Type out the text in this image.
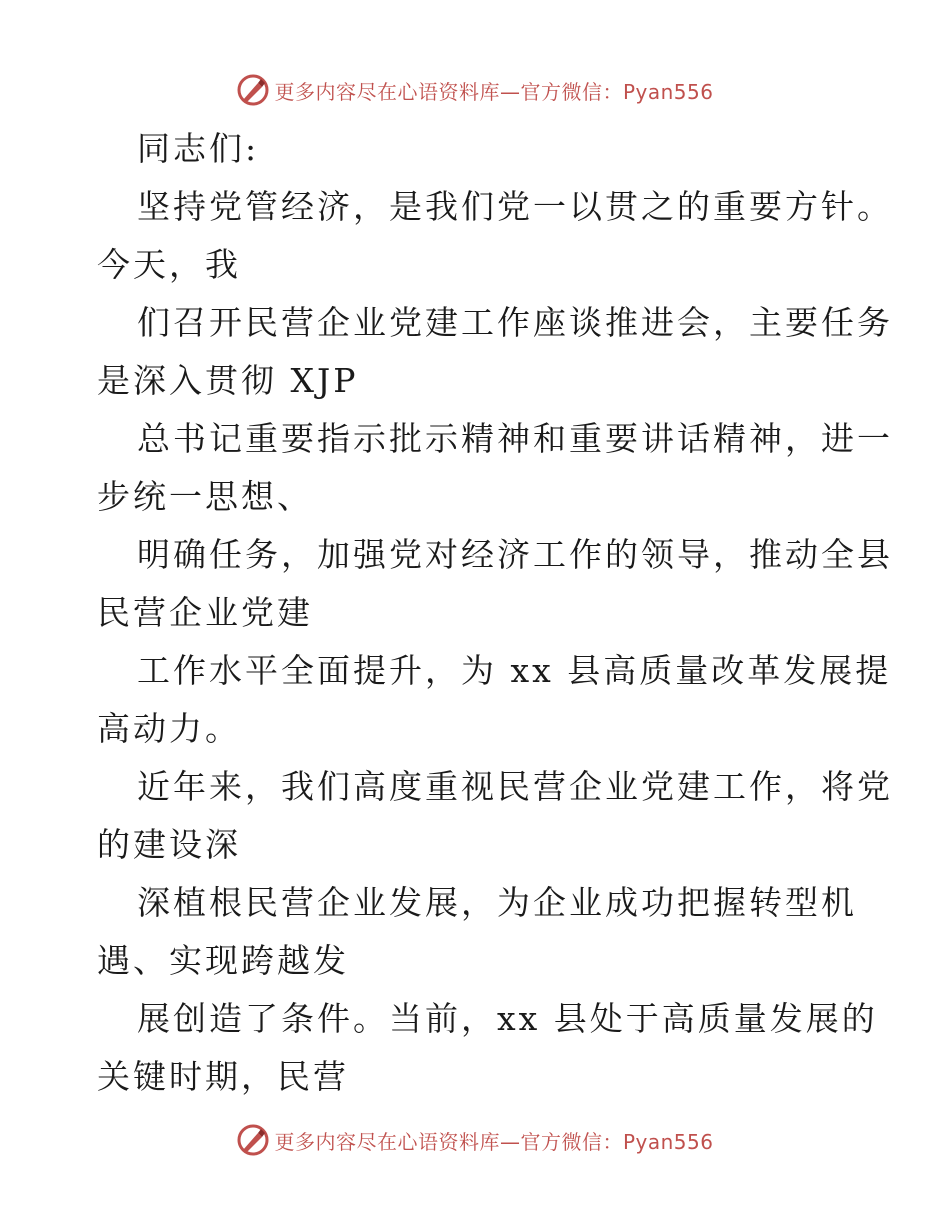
更多内容尽在心语资料库—官方微信：Pyan556
同志们:
坚持党管经济，是我们党一以贯之的重要方针。
今天，我
们召开民营企业党建工作座谈推进会，主要任务
是深入贯彻 XJP
总书记重要指示批示精神和重要讲话精神，进一
步统一思想、
明确任务，加强党对经济工作的领导，推动全县
民营企业党建
工作水平全面提升，为 xx 县高质量改革发展提
高动力。
近年来，我们高度重视民营企业党建工作，将党
的建设深
深植根民营企业发展，为企业成功把握转型机
遇、实现跨越发
展创造了条件。当前，xx 县处于高质量发展的
关键时期，民营
更多内容尽在心语资料库—官方微信：Pyan556
